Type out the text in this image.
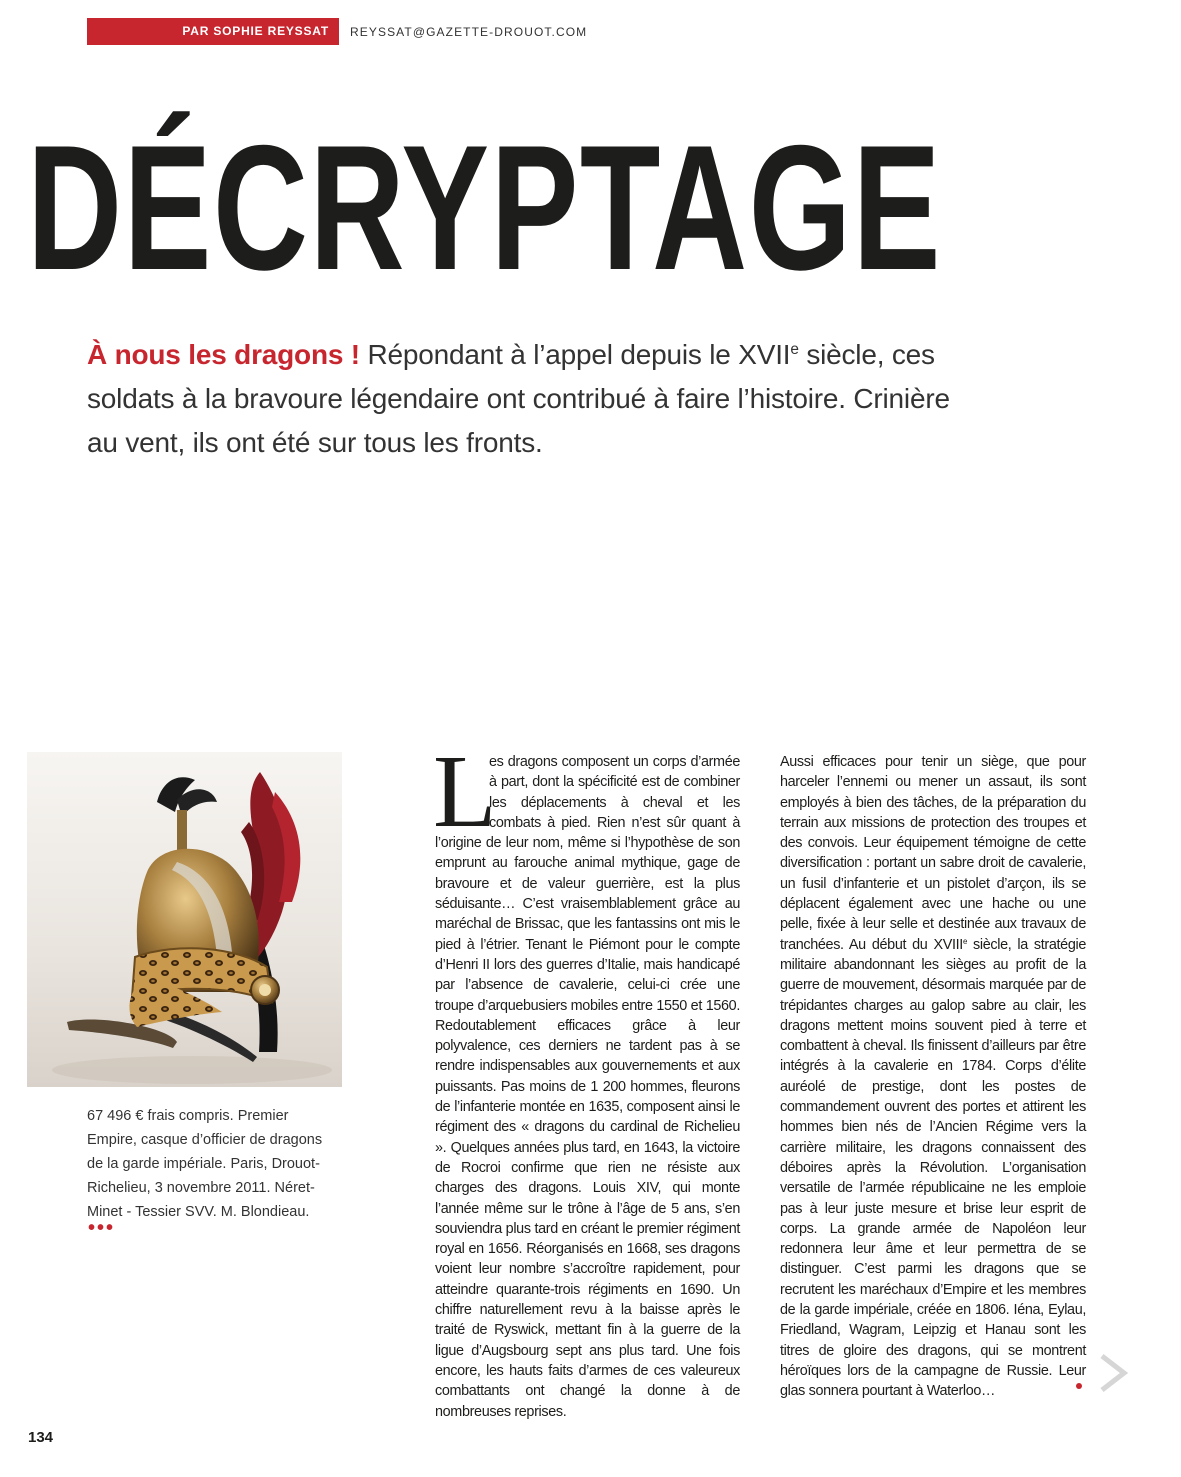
PAR SOPHIE REYSSAT REYSSAT@GAZETTE-DROUOT.COM
DÉCRYPTAGE

À nous les dragons ! Répondant à l’appel depuis le XVIIe siècle, ces soldats à la bravoure légendaire ont contribué à faire l’histoire. Crinière au vent, ils ont été sur tous les fronts.

67 496 € frais compris. Premier Empire, casque d’officier de dragons de la garde impériale. Paris, Drouot-Richelieu, 3 novembre 2011. Néret-Minet - Tessier SVV. M. Blondieau.

•••
L
es dragons composent un corps d’armée à part, dont la spécificité est de combiner les déplacements à cheval et les combats à pied. Rien n’est sûr quant à l’origine de leur nom, même si l’hypothèse de son emprunt au farouche animal mythique, gage de bravoure et de valeur guerrière, est la plus séduisante… C’est vraisemblablement grâce au maréchal de Brissac, que les fantassins ont mis le pied à l’étrier. Tenant le Piémont pour le compte d’Henri II lors des guerres d’Italie, mais handicapé par l’absence de cavalerie, celui-ci crée une troupe d’arquebusiers mobiles entre 1550 et 1560. Redoutablement efficaces grâce à leur polyvalence, ces derniers ne tardent pas à se rendre indispensables aux gouvernements et aux puissants. Pas moins de 1 200 hommes, fleurons de l’infanterie montée en 1635, composent ainsi le régiment des « dragons du cardinal de Richelieu ». Quelques années plus tard, en 1643, la victoire de Rocroi confirme que rien ne résiste aux charges des dragons. Louis XIV, qui monte l’année même sur le trône à l’âge de 5 ans, s’en souviendra plus tard en créant le premier régiment royal en 1656. Réorganisés en 1668, ses dragons voient leur nombre s’accroître rapidement, pour atteindre quarante-trois régiments en 1690. Un chiffre naturellement revu à la baisse après le traité de Ryswick, mettant fin à la guerre de la ligue d’Augsbourg sept ans plus tard. Une fois encore, les hauts faits d’armes de ces valeureux combattants ont changé la donne à de nombreuses reprises.
Aussi efficaces pour tenir un siège, que pour harceler l’ennemi ou mener un assaut, ils sont employés à bien des tâches, de la préparation du terrain aux missions de protection des troupes et des convois. Leur équipement témoigne de cette diversification : portant un sabre droit de cavalerie, un fusil d’infanterie et un pistolet d’arçon, ils se déplacent également avec une hache ou une pelle, fixée à leur selle et destinée aux travaux de tranchées. Au début du XVIIIe siècle, la stratégie militaire abandonnant les sièges au profit de la guerre de mouvement, désormais marquée par de trépidantes charges au galop sabre au clair, les dragons mettent moins souvent pied à terre et combattent à cheval. Ils finissent d’ailleurs par être intégrés à la cavalerie en 1784. Corps d’élite auréolé de prestige, dont les postes de commandement ouvrent des portes et attirent les hommes bien nés de l’Ancien Régime vers la carrière militaire, les dragons connaissent des déboires après la Révolution. L’organisation versatile de l’armée républicaine ne les emploie pas à leur juste mesure et brise leur esprit de corps. La grande armée de Napoléon leur redonnera leur âme et leur permettra de se distinguer. C’est parmi les dragons que se recrutent les maréchaux d’Empire et les membres de la garde impériale, créée en 1806. Iéna, Eylau, Friedland, Wagram, Leipzig et Hanau sont les titres de gloire des dragons, qui se montrent héroïques lors de la campagne de Russie. Leur glas sonnera pourtant à Waterloo…
134
